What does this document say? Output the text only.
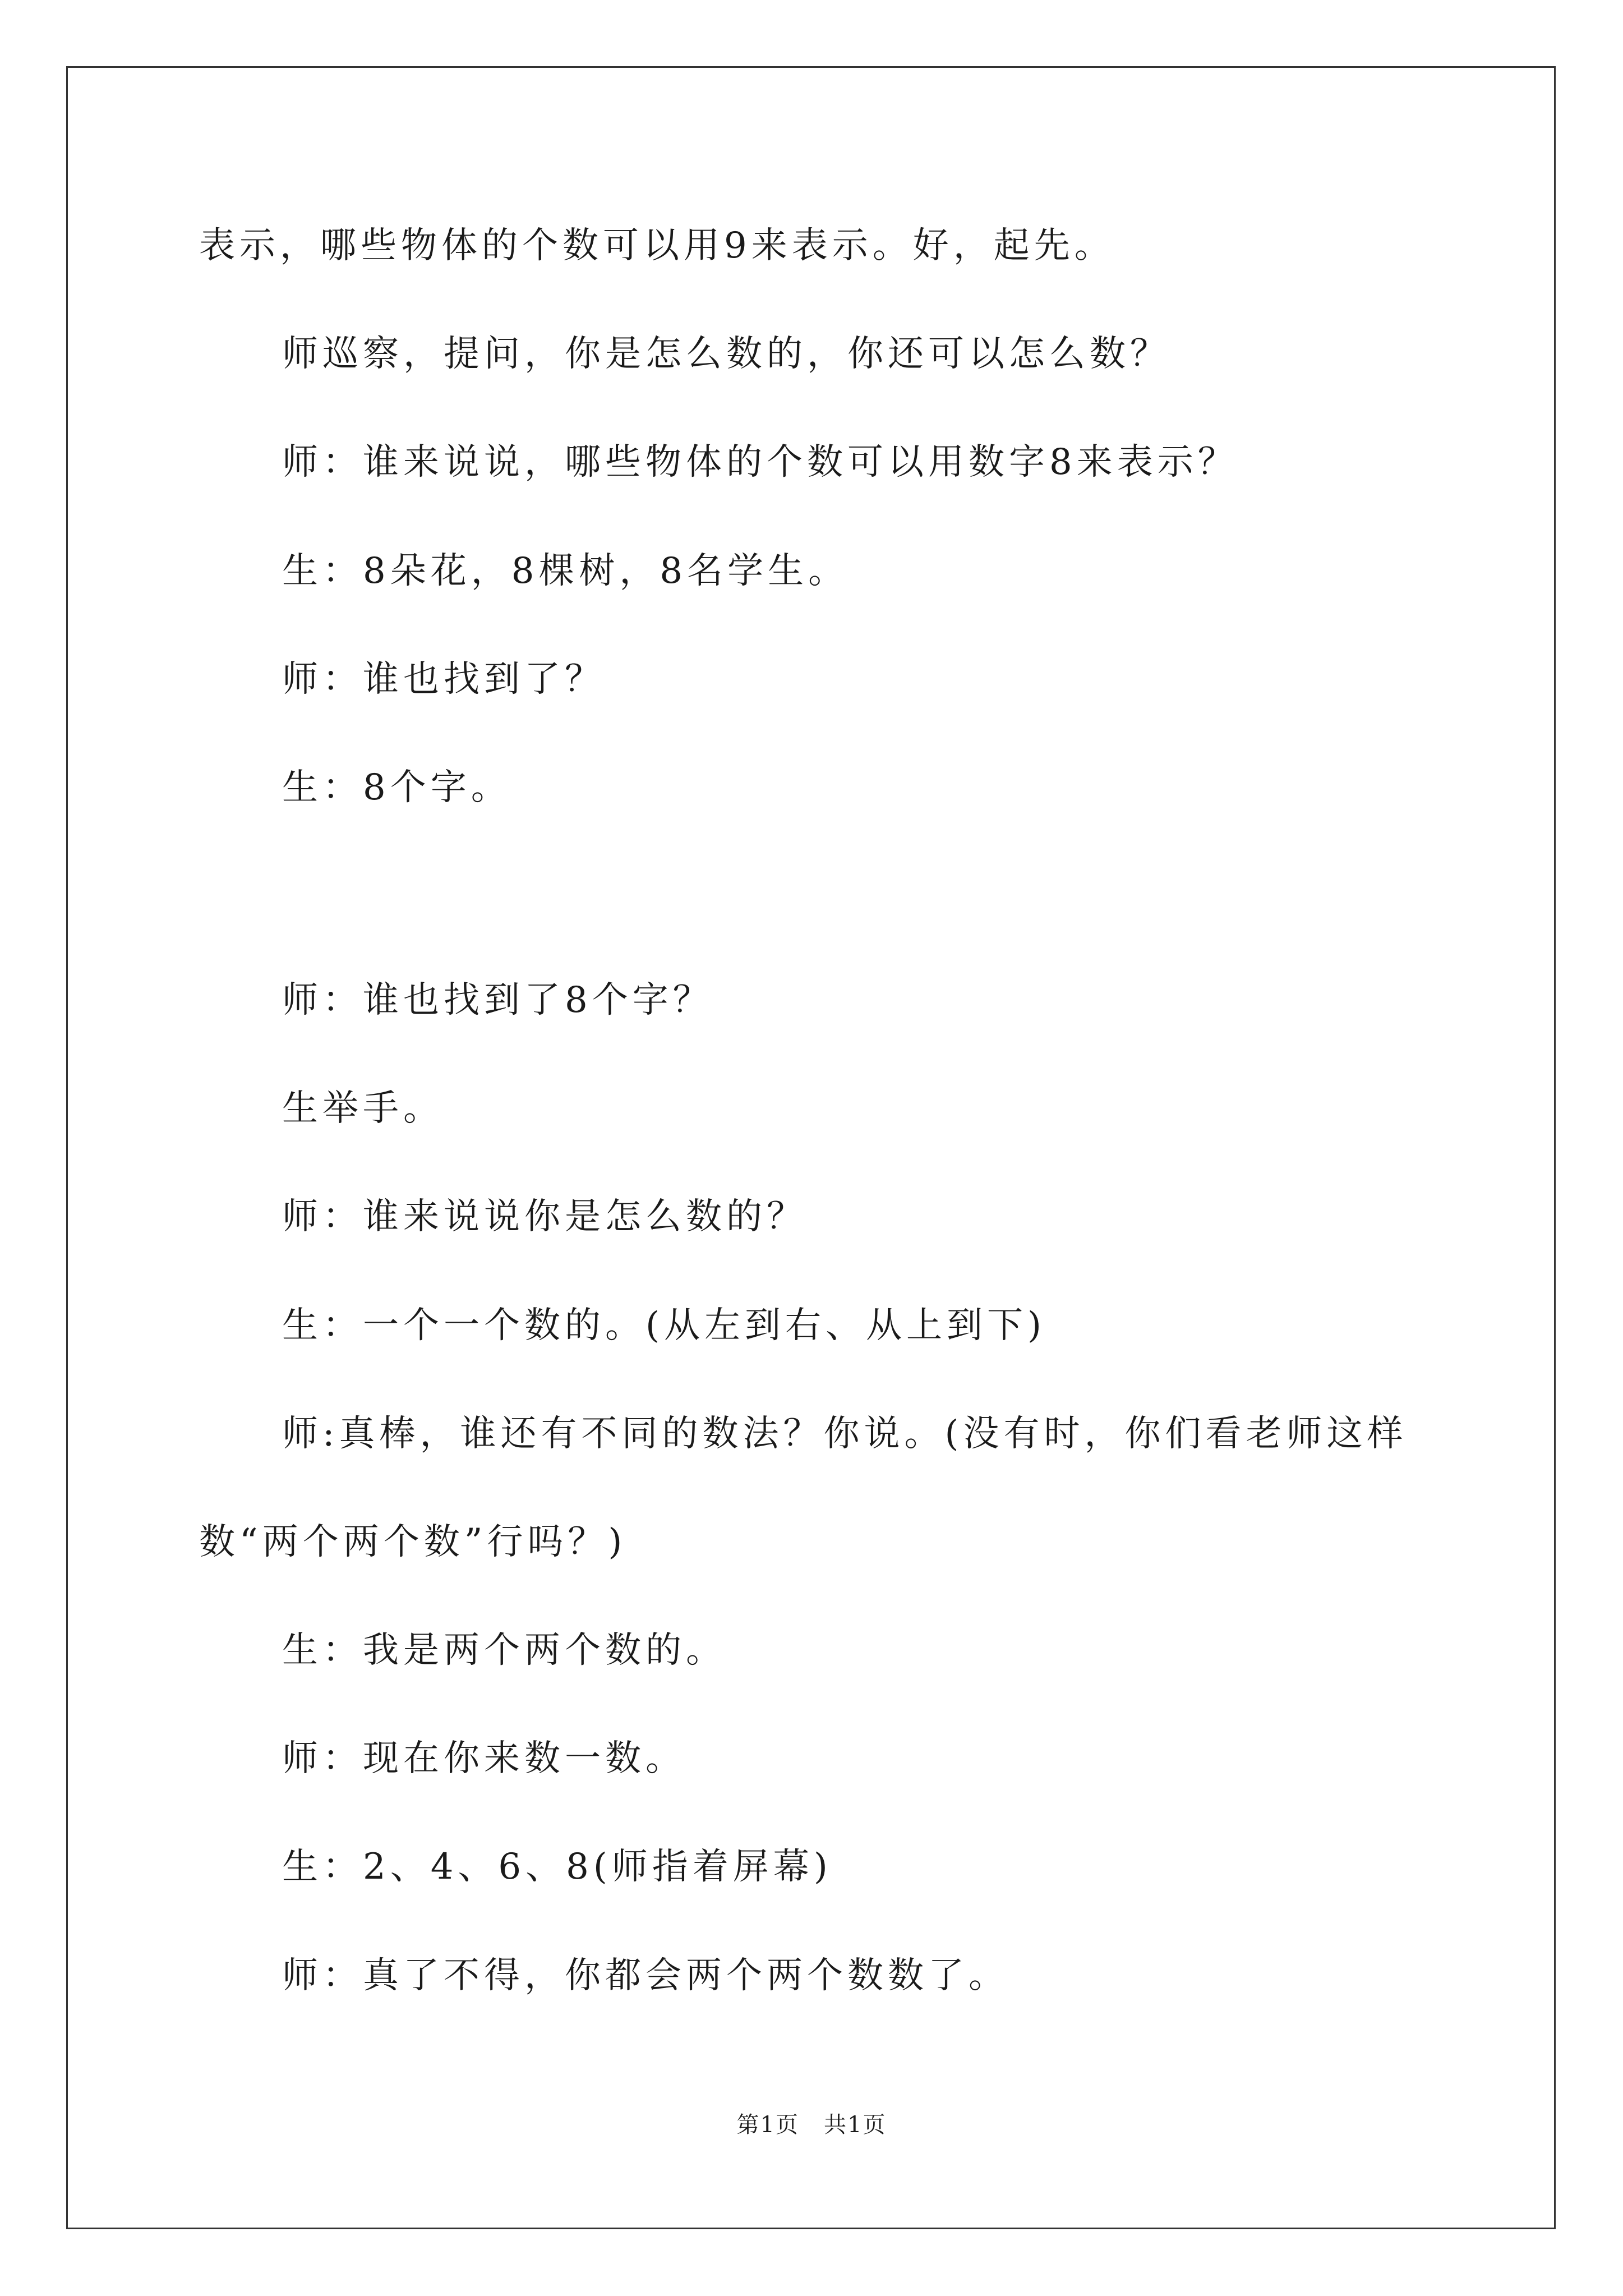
表示，哪些物体的个数可以用9来表示。好，起先。

师巡察，提问，你是怎么数的，你还可以怎么数？

师：谁来说说，哪些物体的个数可以用数字8来表示？

生：8朵花，8棵树，8名学生。

师：谁也找到了？

生：8个字。

师：谁也找到了8个字？

生举手。

师：谁来说说你是怎么数的？

生：一个一个数的。(从左到右、从上到下)

师:真棒，谁还有不同的数法？你说。(没有时，你们看老师这样

数“两个两个数”行吗？)

生：我是两个两个数的。

师：现在你来数一数。

生：2、4、6、8(师指着屏幕)

师：真了不得，你都会两个两个数数了。

第1页 共1页
